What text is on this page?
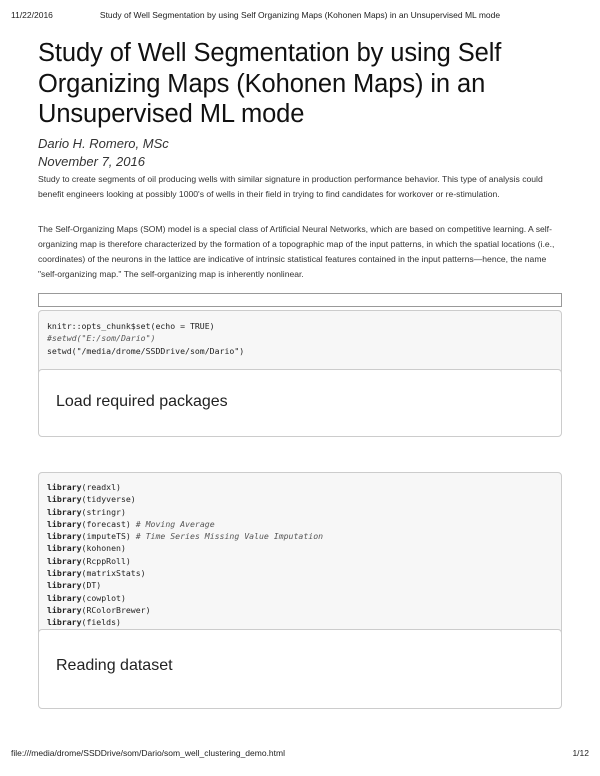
11/22/2016	Study of Well Segmentation by using Self Organizing Maps (Kohonen Maps) in an Unsupervised ML mode
Study of Well Segmentation by using Self Organizing Maps (Kohonen Maps) in an Unsupervised ML mode
Dario H. Romero, MSc
November 7, 2016
Study to create segments of oil producing wells with similar signature in production performance behavior. This type of analysis could benefit engineers looking at possibly 1000's of wells in their field in trying to find candidates for workover or re-stimulation.
The Self-Organizing Maps (SOM) model is a special class of Artificial Neural Networks, which are based on competitive learning. A self-organizing map is therefore characterized by the formation of a topographic map of the input patterns, in which the spatial locations (i.e., coordinates) of the neurons in the lattice are indicative of intrinsic statistical features contained in the input patterns—hence, the name "self-organizing map." The self-organizing map is inherently nonlinear.
knitr::opts_chunk$set(echo = TRUE)
#setwd("E:/som/Dario")
setwd("/media/drome/SSDDrive/som/Dario")
Load required packages
library(readxl)
library(tidyverse)
library(stringr)
library(forecast) # Moving Average
library(imputeTS) # Time Series Missing Value Imputation
library(kohonen)
library(RcppRoll)
library(matrixStats)
library(DT)
library(cowplot)
library(RColorBrewer)
library(fields)
Reading dataset
file:///media/drome/SSDDrive/som/Dario/som_well_clustering_demo.html	1/12
